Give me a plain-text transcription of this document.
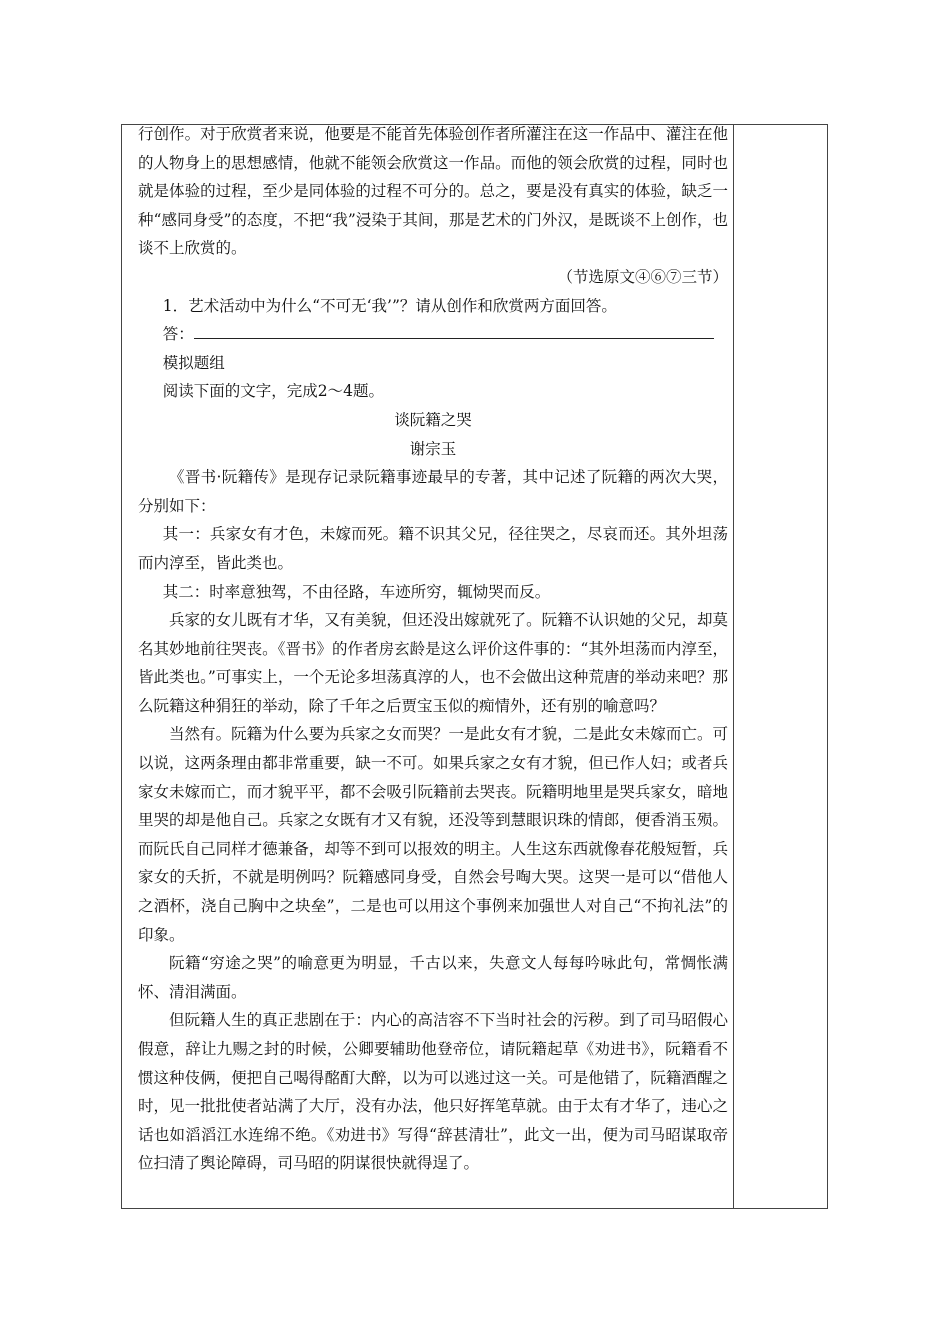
行创作。对于欣赏者来说，他要是不能首先体验创作者所灌注在这一作品中、灌注在他的人物身上的思想感情，他就不能领会欣赏这一作品。而他的领会欣赏的过程，同时也就是体验的过程，至少是同体验的过程不可分的。总之，要是没有真实的体验，缺乏一种“感同身受”的态度，不把“我”浸染于其间，那是艺术的门外汉，是既谈不上创作，也谈不上欣赏的。
（节选原文④⑥⑦三节）

1．艺术活动中为什么“不可无‘我’”？请从创作和欣赏两方面回答。

答：

模拟题组

阅读下面的文字，完成2～4题。

谈阮籍之哭

谢宗玉

《晋书·阮籍传》是现存记录阮籍事迹最早的专著，其中记述了阮籍的两次大哭，分别如下：

其一：兵家女有才色，未嫁而死。籍不识其父兄，径往哭之，尽哀而还。其外坦荡而内淳至，皆此类也。

其二：时率意独驾，不由径路，车迹所穷，辄恸哭而反。

兵家的女儿既有才华，又有美貌，但还没出嫁就死了。阮籍不认识她的父兄，却莫名其妙地前往哭丧。《晋书》的作者房玄龄是这么评价这件事的：“其外坦荡而内淳至，皆此类也。”可事实上，一个无论多坦荡真淳的人，也不会做出这种荒唐的举动来吧？那么阮籍这种狷狂的举动，除了千年之后贾宝玉似的痴情外，还有别的喻意吗？

当然有。阮籍为什么要为兵家之女而哭？一是此女有才貌，二是此女未嫁而亡。可以说，这两条理由都非常重要，缺一不可。如果兵家之女有才貌，但已作人妇；或者兵家女未嫁而亡，而才貌平平，都不会吸引阮籍前去哭丧。阮籍明地里是哭兵家女，暗地里哭的却是他自己。兵家之女既有才又有貌，还没等到慧眼识珠的情郎，便香消玉殒。而阮氏自己同样才德兼备，却等不到可以报效的明主。人生这东西就像春花般短暂，兵家女的夭折，不就是明例吗？阮籍感同身受，自然会号啕大哭。这哭一是可以“借他人之酒杯，浇自己胸中之块垒”，二是也可以用这个事例来加强世人对自己“不拘礼法”的印象。

阮籍“穷途之哭”的喻意更为明显，千古以来，失意文人每每吟咏此句，常惆怅满怀、清泪满面。

但阮籍人生的真正悲剧在于：内心的高洁容不下当时社会的污秽。到了司马昭假心假意，辞让九赐之封的时候，公卿要辅助他登帝位，请阮籍起草《劝进书》，阮籍看不惯这种伎俩，便把自己喝得酩酊大醉，以为可以逃过这一关。可是他错了，阮籍酒醒之时，见一批批使者站满了大厅，没有办法，他只好挥笔草就。由于太有才华了，违心之话也如滔滔江水连绵不绝。《劝进书》写得“辞甚清壮”，此文一出，便为司马昭谋取帝位扫清了舆论障碍，司马昭的阴谋很快就得逞了。
